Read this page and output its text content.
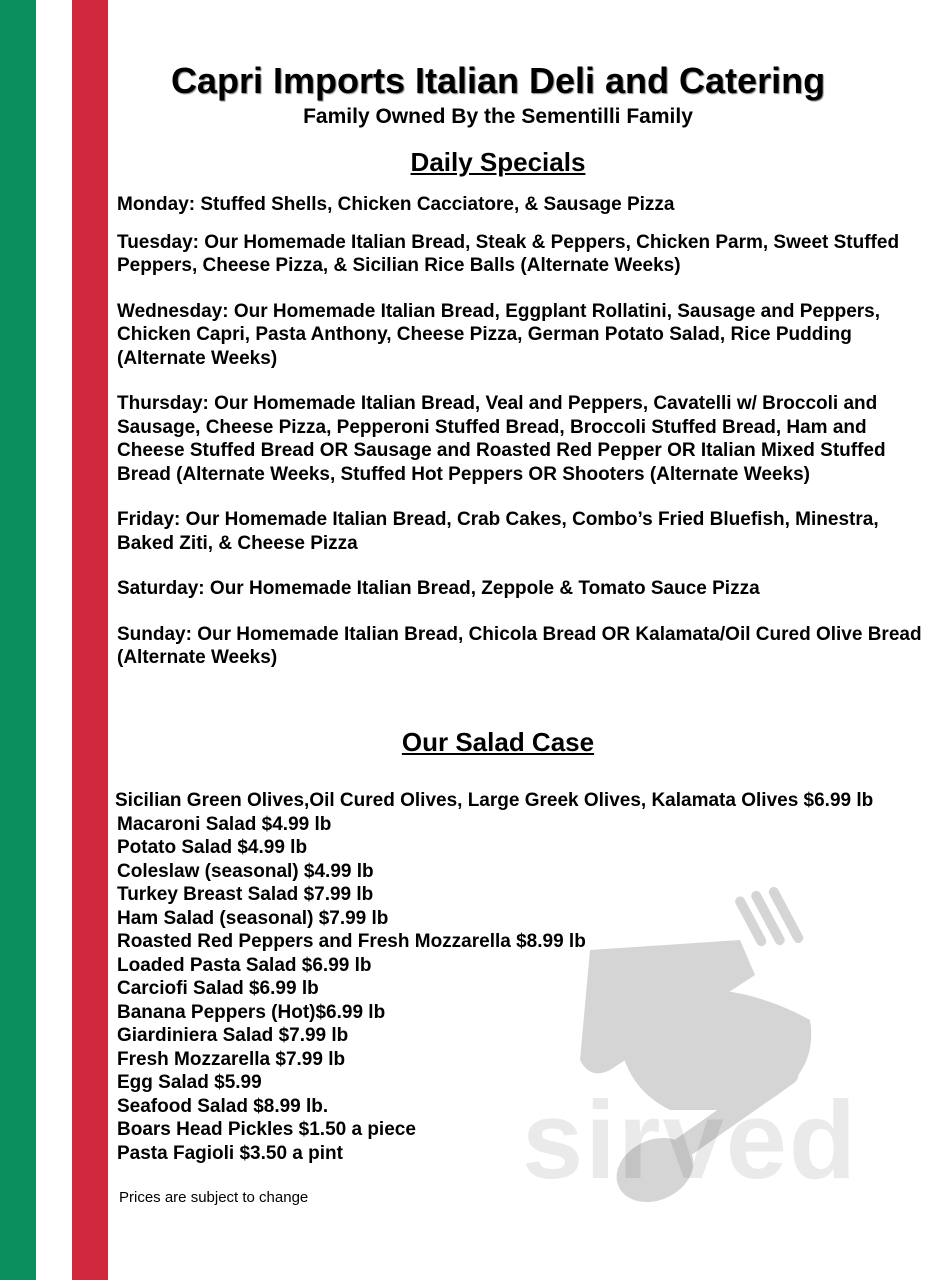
sirved
Capri Imports Italian Deli and Catering
Family Owned By the Sementilli Family
Daily Specials
Monday: Stuffed Shells, Chicken Cacciatore, & Sausage Pizza
Tuesday: Our Homemade Italian Bread, Steak & Peppers, Chicken Parm, Sweet Stuffed Peppers, Cheese Pizza, & Sicilian Rice Balls (Alternate Weeks)
Wednesday: Our Homemade Italian Bread, Eggplant Rollatini, Sausage and Peppers, Chicken Capri, Pasta Anthony, Cheese Pizza, German Potato Salad, Rice Pudding (Alternate Weeks)
Thursday: Our Homemade Italian Bread, Veal and Peppers, Cavatelli w/ Broccoli and Sausage, Cheese Pizza, Pepperoni Stuffed Bread, Broccoli Stuffed Bread, Ham and Cheese Stuffed Bread OR Sausage and Roasted Red Pepper OR Italian Mixed Stuffed Bread (Alternate Weeks, Stuffed Hot Peppers OR Shooters (Alternate Weeks)
Friday: Our Homemade Italian Bread, Crab Cakes, Combo’s Fried Bluefish, Minestra, Baked Ziti, & Cheese Pizza
Saturday: Our Homemade Italian Bread, Zeppole & Tomato Sauce Pizza
Sunday: Our Homemade Italian Bread, Chicola Bread OR Kalamata/Oil Cured Olive Bread (Alternate Weeks)
Our Salad Case
Sicilian Green Olives,Oil Cured Olives, Large Greek Olives, Kalamata Olives $6.99 lb
Macaroni Salad $4.99 lb
Potato Salad $4.99 lb
Coleslaw (seasonal) $4.99 lb
Turkey Breast Salad $7.99 lb
Ham Salad (seasonal) $7.99 lb
Roasted Red Peppers and Fresh Mozzarella $8.99 lb
Loaded Pasta Salad $6.99 lb
Carciofi Salad $6.99 lb
Banana Peppers (Hot)$6.99 lb
Giardiniera Salad $7.99 lb
Fresh Mozzarella $7.99 lb
Egg Salad $5.99
Seafood Salad $8.99 lb.
Boars Head Pickles $1.50 a piece
Pasta Fagioli $3.50 a pint
Prices are subject to change
